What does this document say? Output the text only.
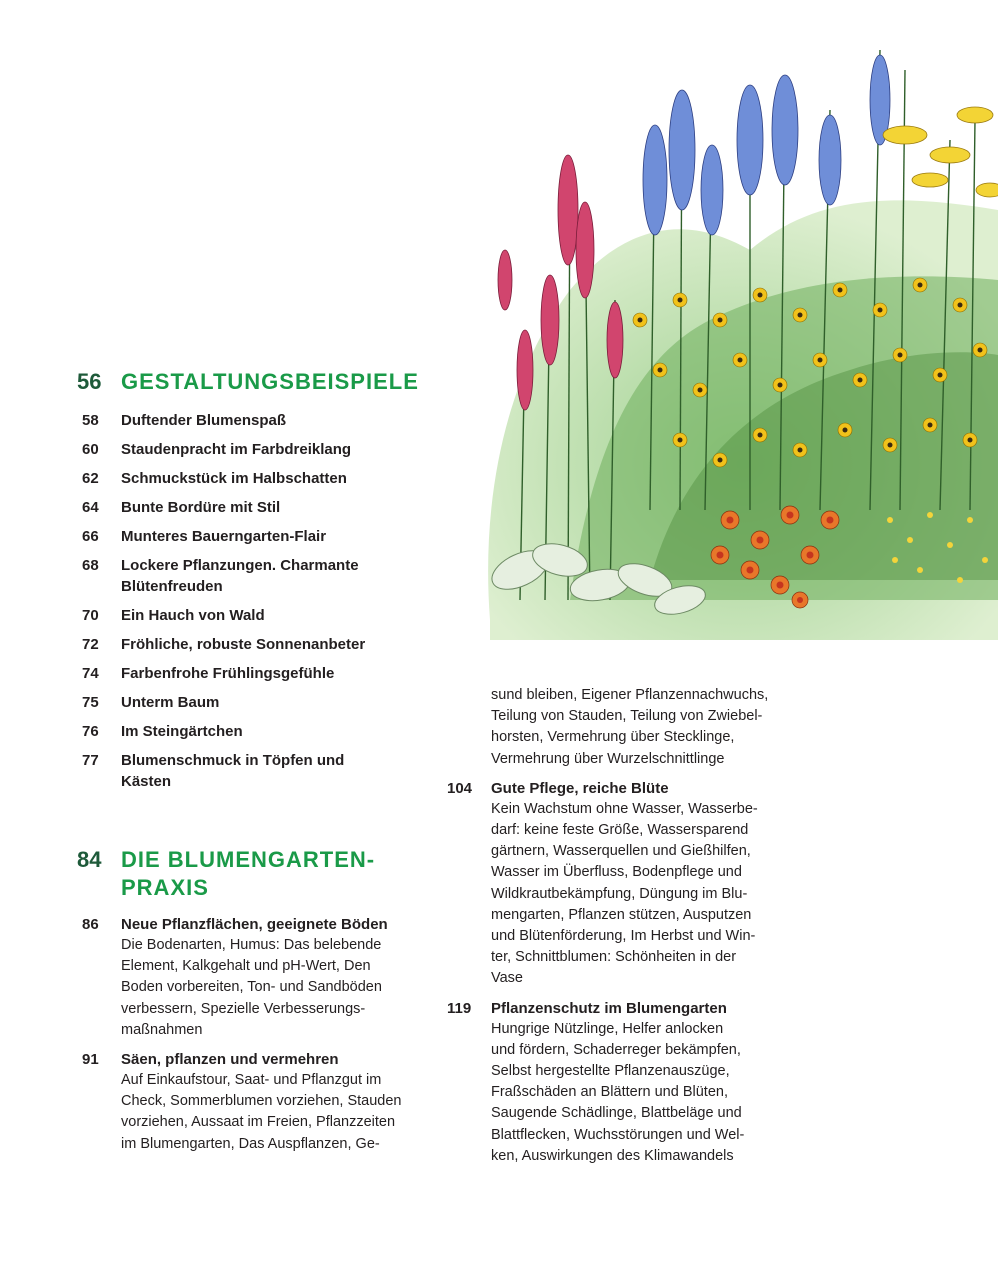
56 GESTALTUNGSBEISPIELE
58	Duftender Blumenspaß
60	Staudenpracht im Farbdreiklang
62	Schmuckstück im Halbschatten
64	Bunte Bordüre mit Stil
66	Munteres Bauerngarten-Flair
68	Lockere Pflanzungen. Charmante
Blütenfreuden
70	Ein Hauch von Wald
72	Fröhliche, robuste Sonnenanbeter
74	Farbenfrohe Frühlingsgefühle
75	Unterm Baum
76	Im Steingärtchen
77	Blumenschmuck in Töpfen und
Kästen
84 DIE BLUMENGARTEN-
PRAXIS
86	Neue Pflanzflächen, geeignete Böden
Die Bodenarten, Humus: Das belebende
Element, Kalkgehalt und pH-Wert, Den
Boden vorbereiten, Ton- und Sandböden
verbessern, Spezielle Verbesserungs-
maßnahmen
91	Säen, pflanzen und vermehren
Auf Einkaufstour, Saat- und Pflanzgut im
Check, Sommerblumen vorziehen, Stauden
vorziehen, Aussaat im Freien, Pflanzzeiten
im Blumengarten, Das Auspflanzen, Ge-
sund bleiben, Eigener Pflanzennachwuchs,
Teilung von Stauden, Teilung von Zwiebel-
horsten, Vermehrung über Stecklinge,
Vermehrung über Wurzelschnittlinge
104	Gute Pflege, reiche Blüte
Kein Wachstum ohne Wasser, Wasserbe-
darf: keine feste Größe, Wassersparend
gärtnern, Wasserquellen und Gießhilfen,
Wasser im Überfluss, Bodenpflege und
Wildkrautbekämpfung, Düngung im Blu-
mengarten, Pflanzen stützen, Ausputzen
und Blütenförderung, Im Herbst und Win-
ter, Schnittblumen: Schönheiten in der
Vase
119	Pflanzenschutz im Blumengarten
Hungrige Nützlinge, Helfer anlocken
und fördern, Schaderreger bekämpfen,
Selbst hergestellte Pflanzenauszüge,
Fraßschäden an Blättern und Blüten,
Saugende Schädlinge, Blattbeläge und
Blattflecken, Wuchsstörungen und Wel-
ken, Auswirkungen des Klimawandels
